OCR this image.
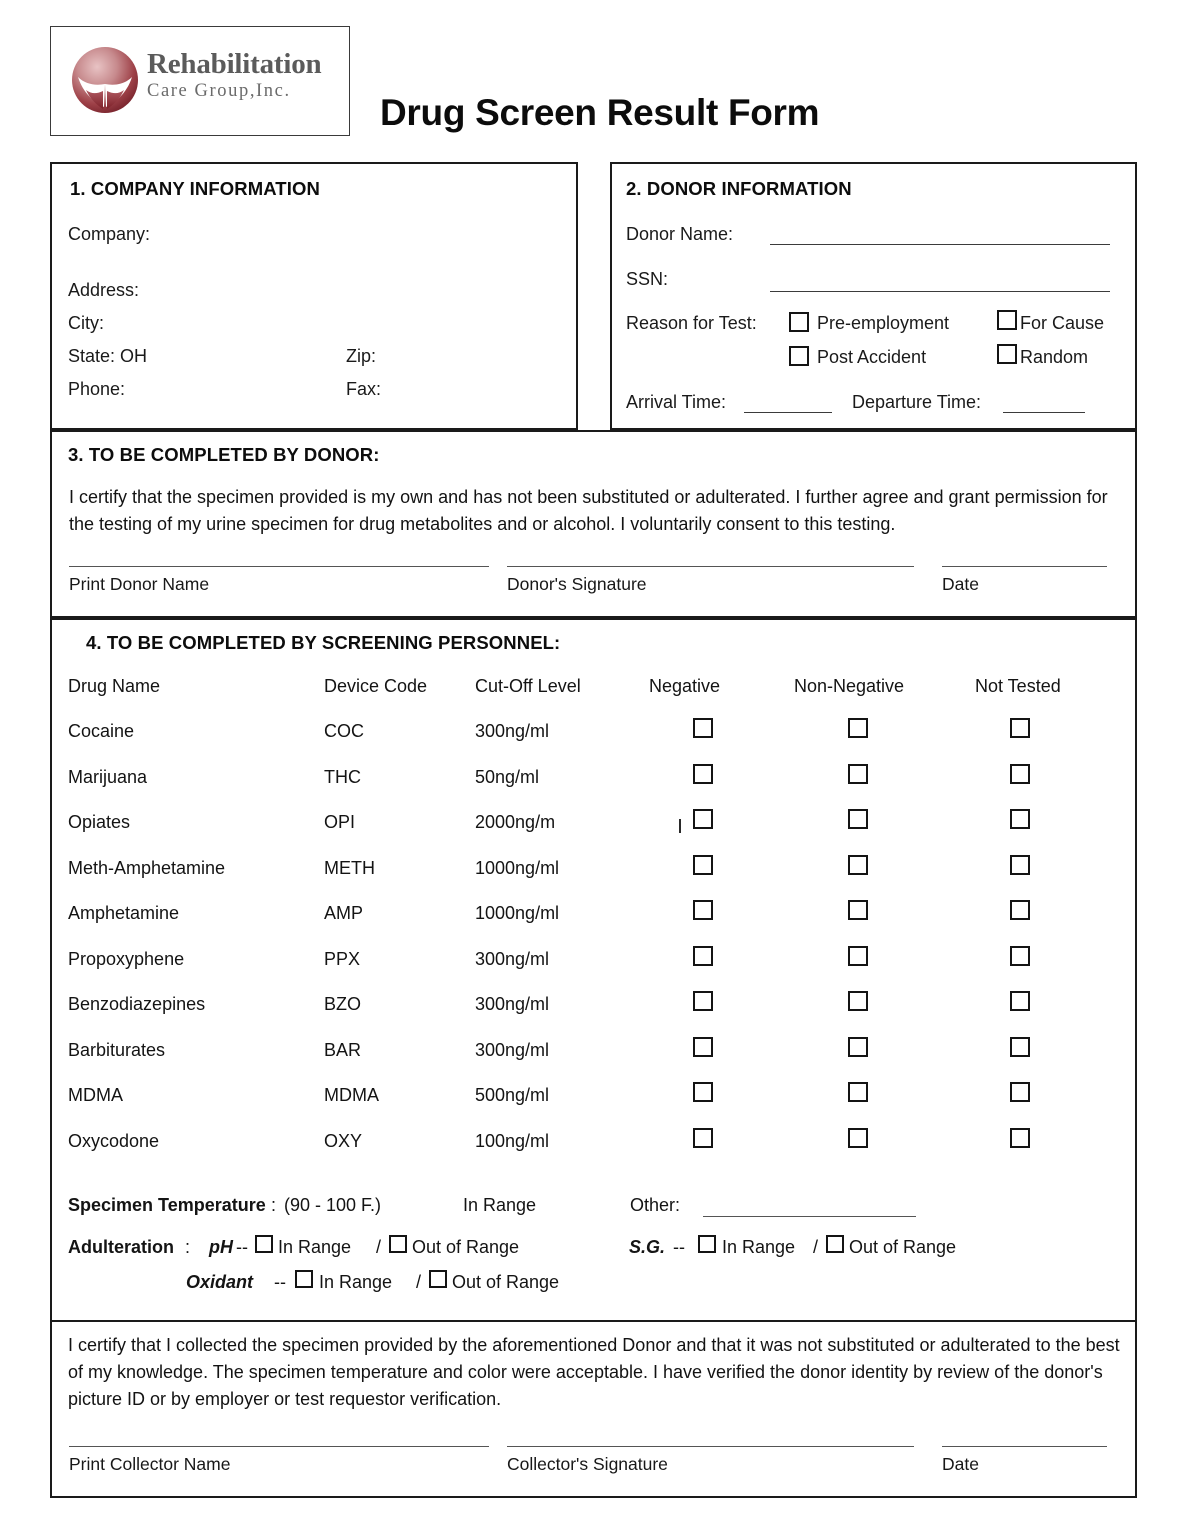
Rehabilitation
Care Group,Inc.
Drug Screen Result Form
1. COMPANY INFORMATION
Company:
Address:
City:
State: OH	Zip:
Phone:	Fax:
2. DONOR INFORMATION
Donor Name:
SSN:
Reason for Test:	Pre-employment	For Cause
Post Accident	Random
Arrival Time:	Departure Time:
3. TO BE COMPLETED BY DONOR:
I certify that the specimen provided is my own and has not been substituted or adulterated. I further agree and grant permission for the testing of my urine specimen for drug metabolites and or alcohol. I voluntarily consent to this testing.
Print Donor Name	Donor's Signature	Date
4. TO BE COMPLETED BY SCREENING PERSONNEL:
Drug Name	Device Code	Cut-Off Level	Negative	Non-Negative	Not Tested
Cocaine	COC	300ng/ml
Marijuana	THC	50ng/ml
Opiates	OPI	2000ng/m
Meth-Amphetamine	METH	1000ng/ml
Amphetamine	AMP	1000ng/ml
Propoxyphene	PPX	300ng/ml
Benzodiazepines	BZO	300ng/ml
Barbiturates	BAR	300ng/ml
MDMA	MDMA	500ng/ml
Oxycodone	OXY	100ng/ml
Specimen Temperature : (90 - 100 F.)	In Range	Other:
Adulteration : pH -- In Range / Out of Range	S.G. -- In Range / Out of Range
Oxidant -- In Range / Out of Range
I certify that I collected the specimen provided by the aforementioned Donor and that it was not substituted or adulterated to the best of my knowledge. The specimen temperature and color were acceptable. I have verified the donor identity by review of the donor's picture ID or by employer or test requestor verification.
Print Collector Name	Collector's Signature	Date
